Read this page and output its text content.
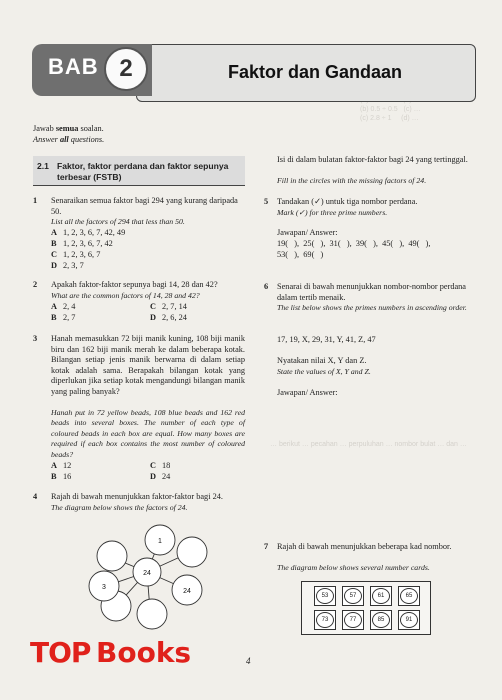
(b) 0.5 ÷ 0.5   (c) …
(c) 2.8 ÷ 1     (d) …
… berikut … pecahan … perpuluhan … nombor bulat … dan …
BAB 2	Faktor dan Gandaan
Jawab semua soalan.
Answer all questions.
2.1 Faktor, faktor perdana dan faktor sepunya terbesar (FSTB)
1 Senaraikan semua faktor bagi 294 yang kurang daripada 50.
List all the factors of 294 that less than 50.
A 1, 2, 3, 6, 7, 42, 49
B 1, 2, 3, 6, 7, 42
C 1, 2, 3, 6, 7
D 2, 3, 7
2 Apakah faktor-faktor sepunya bagi 14, 28 dan 42?
What are the common factors of 14, 28 and 42?
A 2, 4	C 2, 7, 14
B 2, 7	D 2, 6, 24
3 Hanah memasukkan 72 biji manik kuning, 108 biji manik biru dan 162 biji manik merah ke dalam beberapa kotak. Bilangan setiap jenis manik berwarna di dalam setiap kotak adalah sama. Berapakah bilangan kotak yang diperlukan jika setiap kotak mengandungi bilangan manik yang paling banyak?
Hanah put in 72 yellow beads, 108 blue beads and 162 red beads into several boxes. The number of each type of coloured beads in each box are equal. How many boxes are required if each box contains the most number of coloured beads?
A 12	C 18
B 16	D 24
4 Rajah di bawah menunjukkan faktor-faktor bagi 24.
The diagram below shows the factors of 24.
24
1
24
3
Isi di dalam bulatan faktor-faktor bagi 24 yang tertinggal.
Fill in the circles with the missing factors of 24.
5 Tandakan (✓) untuk tiga nombor perdana.
Mark (✓) for three prime numbers.
Jawapan/ Answer:
19(   ),  25(   ),  31(   ),  39(   ),  45(   ),  49(   ),
53(   ),  69(   )
6 Senarai di bawah menunjukkan nombor-nombor perdana dalam tertib menaik.
The list below shows the primes numbers in ascending order.
17, 19, X, 29, 31, Y, 41, Z, 47
Nyatakan nilai X, Y dan Z.
State the values of X, Y and Z.
Jawapan/ Answer:
7 Rajah di bawah menunjukkan beberapa kad nombor.
The diagram below shows several number cards.
53	57	61	65
73	77	85	91
TOP Books	4
